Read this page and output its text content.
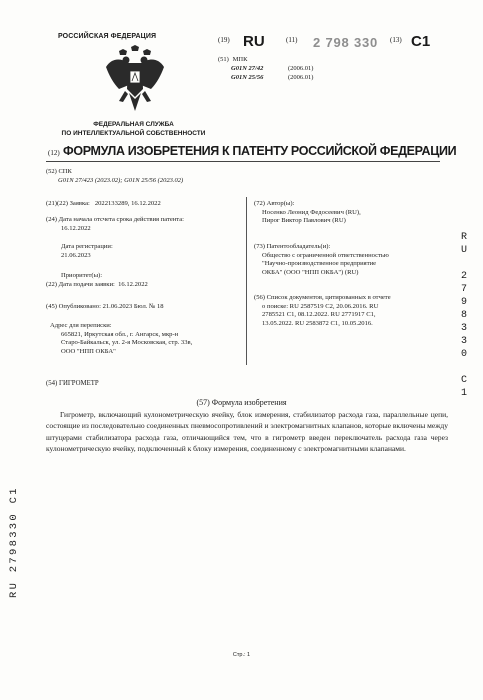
РОССИЙСКАЯ ФЕДЕРАЦИЯ
ФЕДЕРАЛЬНАЯ СЛУЖБА
ПО ИНТЕЛЛЕКТУАЛЬНОЙ СОБСТВЕННОСТИ
(19) RU	(11) 2 798 330 (13) C1
(51) МПК
G01N 27/42	(2006.01)
G01N 25/56	(2006.01)
(12) ФОРМУЛА ИЗОБРЕТЕНИЯ К ПАТЕНТУ РОССИЙСКОЙ ФЕДЕРАЦИИ
(52) СПК
G01N 27/423 (2023.02); G01N 25/56 (2023.02)
(21)(22) Заявка: 2022133289, 16.12.2022
(24) Дата начала отсчета срока действия патента:
16.12.2022
Дата регистрации:
21.06.2023
Приоритет(ы):
(22) Дата подачи заявки: 16.12.2022
(45) Опубликовано: 21.06.2023 Бюл. № 18
Адрес для переписки:
665821, Иркутская обл., г. Ангарск, мкр-н
Старо-Байкальск, ул. 2-я Московская, стр. 33в,
ООО "НПП ОКБА"
(72) Автор(ы):
Носенко Леонид Федосеевич (RU),
Пирог Виктор Павлович (RU)
(73) Патентообладатель(и):
Общество с ограниченной ответственностью
"Научно-производственное предприятие
ОКБА" (ООО "НПП ОКБА") (RU)
(56) Список документов, цитированных в отчете
о поиске: RU 2587519 C2, 20.06.2016. RU
2785521 C1, 08.12.2022. RU 2771917 C1,
13.05.2022. RU 2583872 C1, 10.05.2016.
R
U

2
7
9
8
3
3
0

C
1
RU 2798330 C1
(54) ГИГРОМЕТР
(57) Формула изобретения
Гигрометр, включающий кулонометрическую ячейку, блок измерения, стабилизатор расхода газа, параллельные цепи, состоящие из последовательно соединенных пневмосопротивлений и электромагнитных клапанов, которые включены между штуцерами стабилизатора расхода газа, отличающийся тем, что в гигрометр введен переключатель расхода газа через кулонометрическую ячейку, подключенный к блоку измерения, соединенному с электромагнитными клапанами.
Стр.: 1
